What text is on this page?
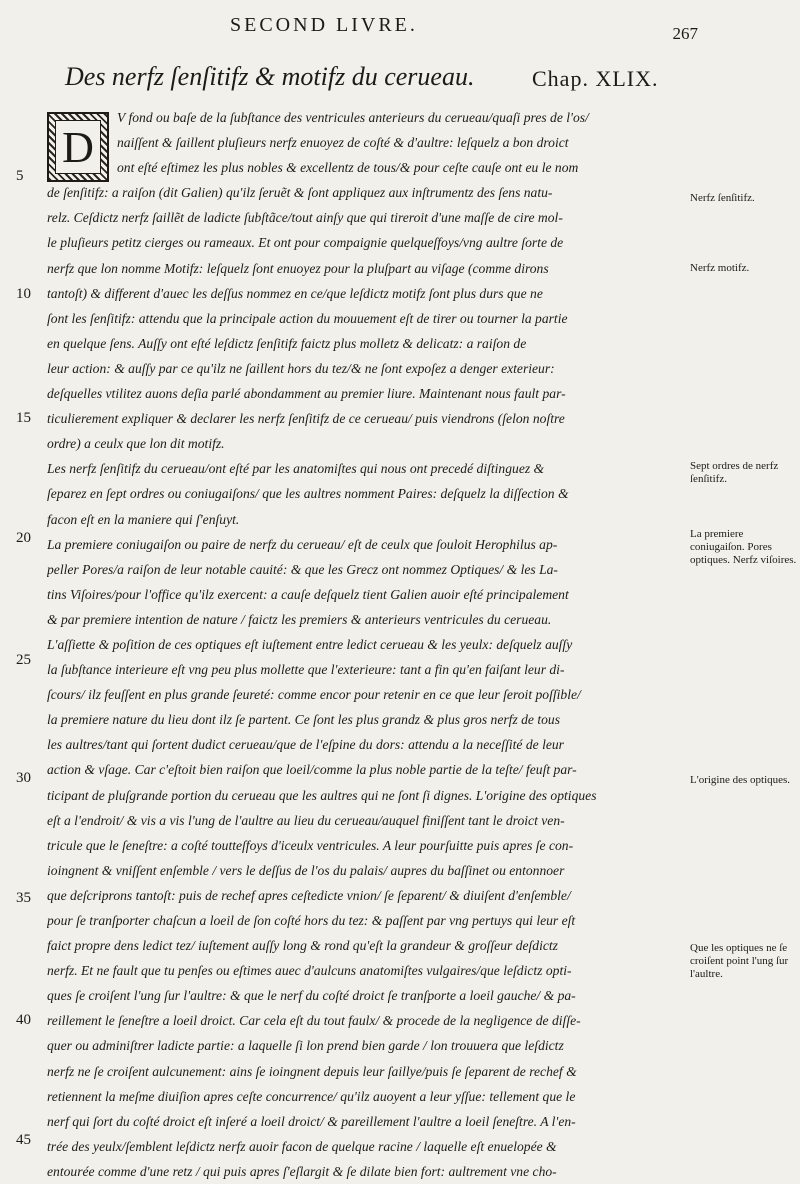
SECOND LIVRE.	267
Des nerfz ſenſitifz & motifz du cerueau.	Chap. XLIX.
D
V fond ou baſe de la ſubſtance des ventricules anterieurs du cerueau/quaſi pres de l'os/
naiſſent & ſaillent pluſieurs nerfz enuoyez de coſté & d'aultre: leſquelz a bon droict
ont eſté eſtimez les plus nobles & excellentz de tous/& pour ceſte cauſe ont eu le nom
de ſenſitifz: a raiſon (dit Galien) qu'ilz ſeruẽt & ſont appliquez aux inſtrumentz des ſens natu-
relz. Ceſdictz nerfz ſaillẽt de ladicte ſubſtãce/tout ainſy que qui tireroit d'une maſſe de cire mol-
le pluſieurs petitz cierges ou rameaux. Et ont pour compaignie quelqueſfoys/vng aultre ſorte de
nerfz que lon nomme Motifz: leſquelz ſont enuoyez pour la pluſpart au viſage (comme dirons
tantoſt) & different d'auec les deſſus nommez en ce/que leſdictz motifz ſont plus durs que ne
ſont les ſenſitifz: attendu que la principale action du mouuement eſt de tirer ou tourner la partie
en quelque ſens. Auſſy ont eſté leſdictz ſenſitifz faictz plus molletz & delicatz: a raiſon de
leur action: & auſſy par ce qu'ilz ne ſaillent hors du tez/& ne ſont expoſez a denger exterieur:
deſquelles vtilitez auons deſia parlé abondamment au premier liure. Maintenant nous fault par-
ticulierement expliquer & declarer les nerfz ſenſitifz de ce cerueau/ puis viendrons (ſelon noſtre
ordre) a ceulx que lon dit motifz.
Les nerfz ſenſitifz du cerueau/ont eſté par les anatomiſtes qui nous ont precedé diſtinguez &
ſeparez en ſept ordres ou coniugaiſons/ que les aultres nomment Paires: deſquelz la diſſection &
facon eſt en la maniere qui ſ'enſuyt.
La premiere coniugaiſon ou paire de nerfz du cerueau/ eſt de ceulx que ſouloit Herophilus ap-
peller Pores/a raiſon de leur notable cauité: & que les Grecz ont nommez Optiques/ & les La-
tins Viſoires/pour l'office qu'ilz exercent: a cauſe deſquelz tient Galien auoir eſté principalement
& par premiere intention de nature / faictz les premiers & anterieurs ventricules du cerueau.
L'aſſiette & poſition de ces optiques eſt iuſtement entre ledict cerueau & les yeulx: deſquelz auſſy
la ſubſtance interieure eſt vng peu plus mollette que l'exterieure: tant a fin qu'en faiſant leur di-
ſcours/ ilz feuſſent en plus grande ſeureté: comme encor pour retenir en ce que leur ſeroit poſſible/
la premiere nature du lieu dont ilz ſe partent. Ce ſont les plus grandz & plus gros nerfz de tous
les aultres/tant qui ſortent dudict cerueau/que de l'eſpine du dors: attendu a la neceſſité de leur
action & vſage. Car c'eſtoit bien raiſon que loeil/comme la plus noble partie de la teſte/ feuſt par-
ticipant de pluſgrande portion du cerueau que les aultres qui ne ſont ſi dignes. L'origine des optiques
eſt a l'endroit/ & vis a vis l'ung de l'aultre au lieu du cerueau/auquel finiſſent tant le droict ven-
tricule que le ſeneſtre: a coſté toutteſfoys d'iceulx ventricules. A leur pourſuitte puis apres ſe con-
ioingnent & vniſſent enſemble / vers le deſſus de l'os du palais/ aupres du baſſinet ou entonnoer
que deſcriprons tantoſt: puis de rechef apres ceſtedicte vnion/ ſe ſeparent/ & diuiſent d'enſemble/
pour ſe tranſporter chaſcun a loeil de ſon coſté hors du tez: & paſſent par vng pertuys qui leur eſt
faict propre dens ledict tez/ iuſtement auſſy long & rond qu'eſt la grandeur & groſſeur deſdictz
nerfz. Et ne fault que tu penſes ou eſtimes auec d'aulcuns anatomiſtes vulgaires/que leſdictz opti-
ques ſe croiſent l'ung ſur l'aultre: & que le nerf du coſté droict ſe tranſporte a loeil gauche/ & pa-
reillement le ſeneſtre a loeil droict. Car cela eſt du tout faulx/ & procede de la negligence de diſſe-
quer ou adminiſtrer ladicte partie: a laquelle ſi lon prend bien garde / lon trouuera que leſdictz
nerfz ne ſe croiſent aulcunement: ains ſe ioingnent depuis leur ſaillye/puis ſe ſeparent de rechef &
retiennent la meſme diuiſion apres ceſte concurrence/ qu'ilz auoyent a leur yſſue: tellement que le
nerf qui ſort du coſté droict eſt inſeré a loeil droict/ & pareillement l'aultre a loeil ſeneſtre. A l'en-
trée des yeulx/ſemblent leſdictz nerfz auoir facon de quelque racine / laquelle eſt enuelopée &
entourée comme d'une retz / qui puis apres ſ'eſlargit & ſe dilate bien fort: aultrement vne cho-
5
10
15
20
25
30
35
40
45
Nerfz ſenſitifz.
Nerfz motifz.
Sept ordres de nerfz ſenſitifz.
La premiere coniugaiſon. Pores optiques. Nerfz viſoires.
L'origine des optiques.
Que les optiques ne ſe croiſent point l'ung ſur l'aultre.
